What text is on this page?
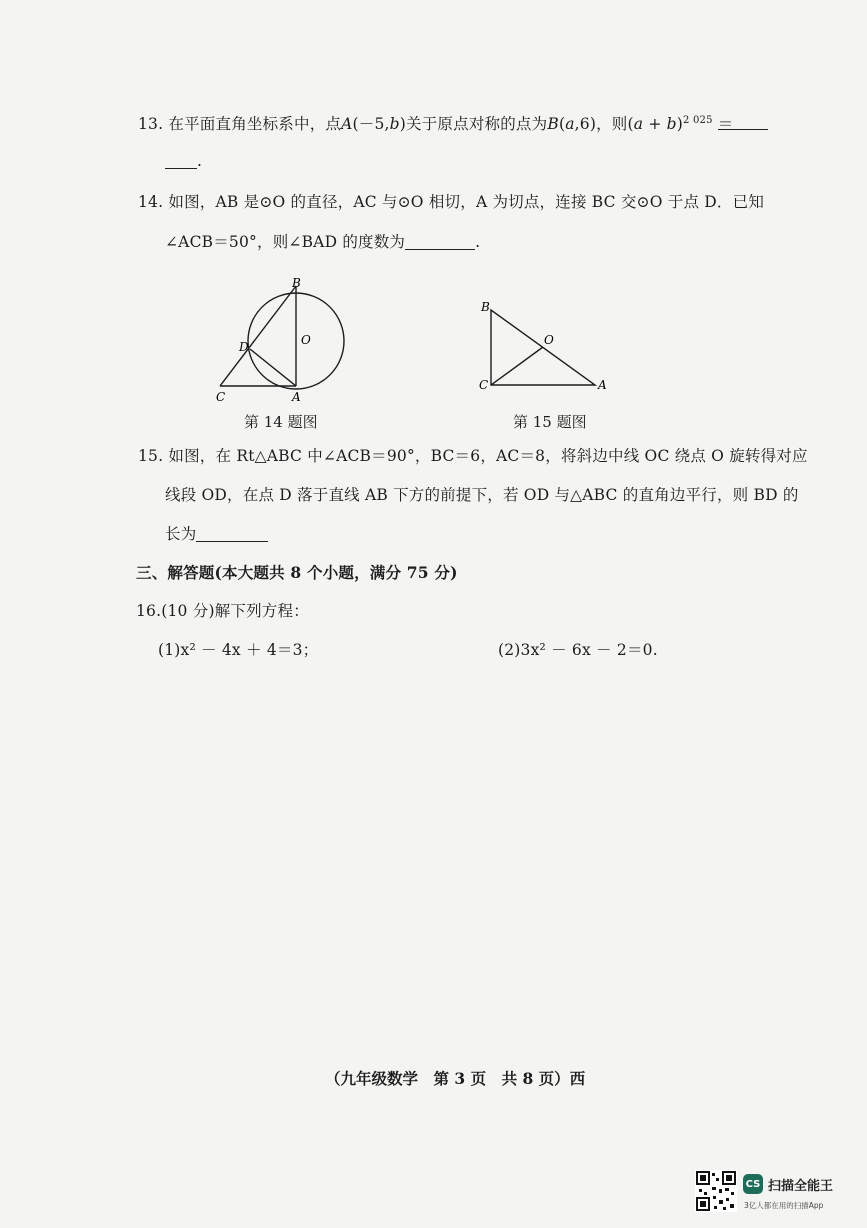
13. 在平面直角坐标系中，点A(－5,b)关于原点对称的点为B(a,6)，则$(a + b)^{2 025}$ ＝
.
14. 如图，AB 是⊙O 的直径，AC 与⊙O 相切，A 为切点，连接 BC 交⊙O 于点 D．已知
∠ACB＝50°，则∠BAD 的度数为	.
B
O
D
C	A
第 14 题图
B
O
C	A
第 15 题图
15. 如图，在 Rt△ABC 中∠ACB＝90°，BC＝6，AC＝8，将斜边中线 OC 绕点 O 旋转得对应
线段 OD，在点 D 落于直线 AB 下方的前提下，若 OD 与△ABC 的直角边平行，则 BD 的
长为
三、解答题(本大题共 8 个小题，满分 75 分)
16.(10 分)解下列方程：
(1)x² － 4x ＋ 4＝3；	(2)3x² － 6x － 2＝0.
（九年级数学　第 3 页　共 8 页）西
CS 扫描全能王
3亿人都在用的扫描App
